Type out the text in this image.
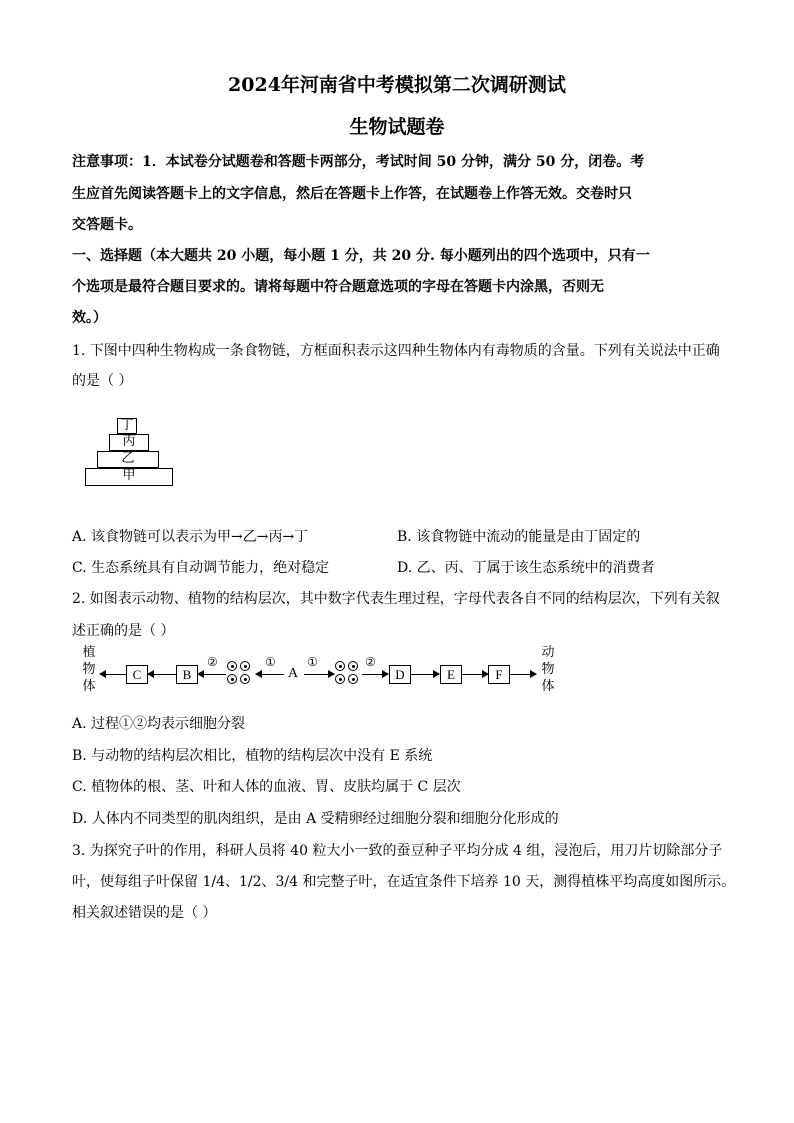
2024年河南省中考模拟第二次调研测试
生物试题卷
注意事项：1．本试卷分试题卷和答题卡两部分，考试时间 50 分钟，满分 50 分，闭卷。考
生应首先阅读答题卡上的文字信息，然后在答题卡上作答，在试题卷上作答无效。交卷时只
交答题卡。
一、选择题（本大题共 20 小题，每小题 1 分，共 20 分. 每小题列出的四个选项中，只有一
个选项是最符合题目要求的。请将每题中符合题意选项的字母在答题卡内涂黑，否则无
效。）
1. 下图中四种生物构成一条食物链，方框面积表示这四种生物体内有毒物质的含量。下列有关说法中正确
的是（ ）
丁
丙
乙
甲
A. 该食物链可以表示为甲→乙→丙→丁	B. 该食物链中流动的能量是由丁固定的
C. 生态系统具有自动调节能力，绝对稳定	D. 乙、丙、丁属于该生态系统中的消费者
2. 如图表示动物、植物的结构层次，其中数字代表生理过程，字母代表各自不同的结构层次，下列有关叙
述正确的是（ ）
植
物
体
C	B
②	①
A
①	②
D	E	F
动
物
体
A. 过程①②均表示细胞分裂
B. 与动物的结构层次相比，植物的结构层次中没有 E 系统
C. 植物体的根、茎、叶和人体的血液、胃、皮肤均属于 C 层次
D. 人体内不同类型的肌肉组织，是由 A 受精卵经过细胞分裂和细胞分化形成的
3. 为探究子叶的作用，科研人员将 40 粒大小一致的蚕豆种子平均分成 4 组，浸泡后，用刀片切除部分子
叶，使每组子叶保留 1/4、1/2、3/4 和完整子叶，在适宜条件下培养 10 天，测得植株平均高度如图所示。
相关叙述错误的是（ ）
